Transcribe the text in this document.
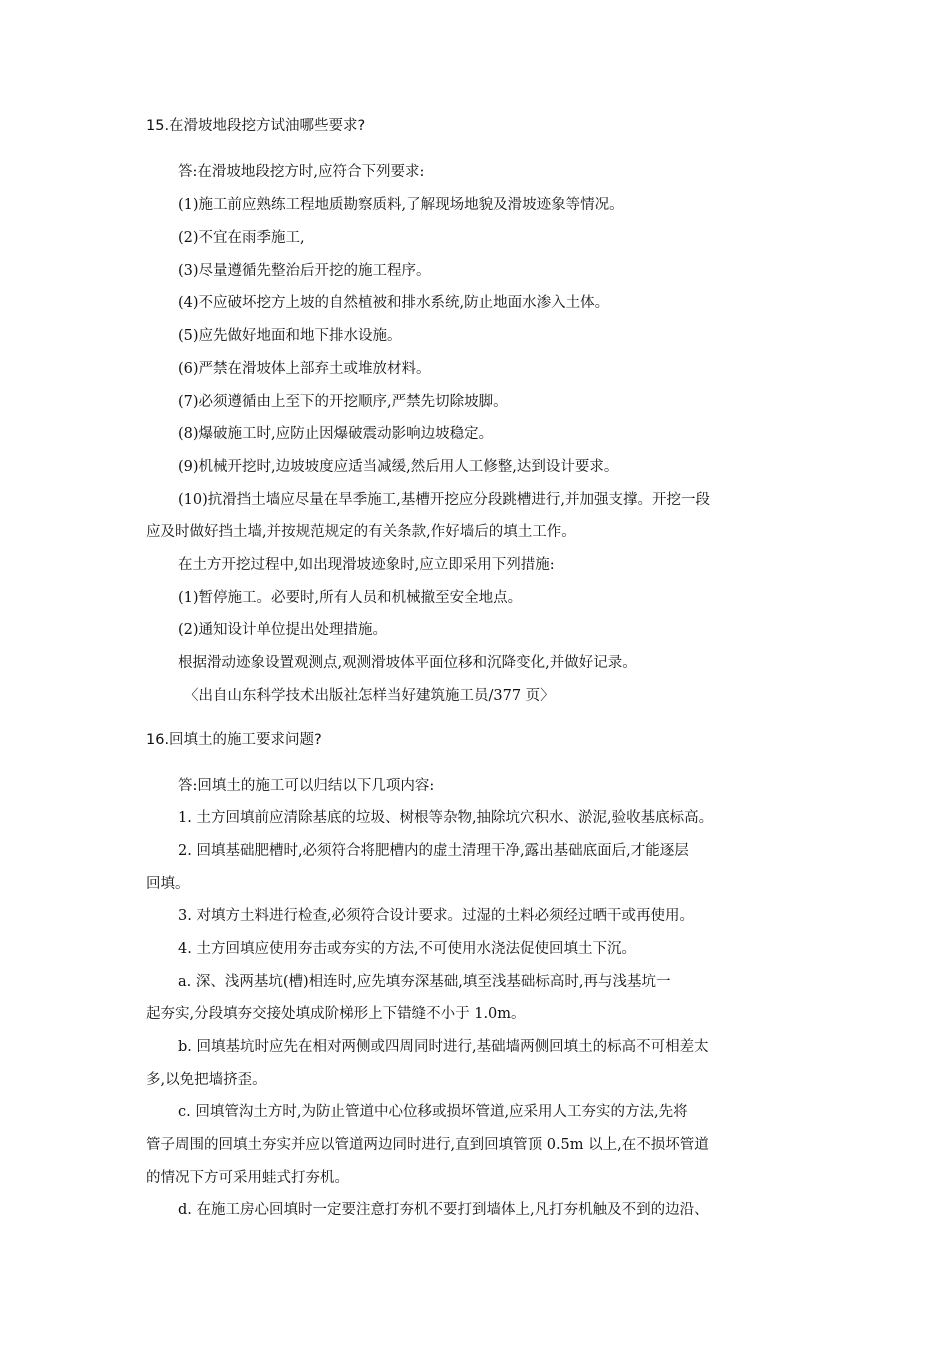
15.在滑坡地段挖方试油哪些要求?
答:在滑坡地段挖方时,应符合下列要求:
(1)施工前应熟练工程地质勘察质料,了解现场地貌及滑坡迹象等情况。
(2)不宜在雨季施工,
(3)尽量遵循先整治后开挖的施工程序。
(4)不应破坏挖方上坡的自然植被和排水系统,防止地面水渗入土体。
(5)应先做好地面和地下排水设施。
(6)严禁在滑坡体上部弃土或堆放材料。
(7)必须遵循由上至下的开挖顺序,严禁先切除坡脚。
(8)爆破施工时,应防止因爆破震动影响边坡稳定。
(9)机械开挖时,边坡坡度应适当减缓,然后用人工修整,达到设计要求。
(10)抗滑挡土墙应尽量在旱季施工,基槽开挖应分段跳槽进行,并加强支撑。开挖一段
应及时做好挡土墙,并按规范规定的有关条款,作好墙后的填土工作。
在土方开挖过程中,如出现滑坡迹象时,应立即采用下列措施:
(1)暂停施工。必要时,所有人员和机械撤至安全地点。
(2)通知设计单位提出处理措施。
根据滑动迹象设置观测点,观测滑坡体平面位移和沉降变化,并做好记录。
〈出自山东科学技术出版社怎样当好建筑施工员/377 页〉
16.回填土的施工要求问题?
答:回填土的施工可以归结以下几项内容:
1. 土方回填前应清除基底的垃圾、树根等杂物,抽除坑穴积水、淤泥,验收基底标高。
2. 回填基础肥槽时,必须符合将肥槽内的虚土清理干净,露出基础底面后,才能逐层
回填。
3. 对填方土料进行检查,必须符合设计要求。过湿的土料必须经过晒干或再使用。
4. 土方回填应使用夯击或夯实的方法,不可使用水浇法促使回填土下沉。
a. 深、浅两基坑(槽)相连时,应先填夯深基础,填至浅基础标高时,再与浅基坑一
起夯实,分段填夯交接处填成阶梯形上下错缝不小于 1.0m。
b. 回填基坑时应先在相对两侧或四周同时进行,基础墙两侧回填土的标高不可相差太
多,以免把墙挤歪。
c. 回填管沟土方时,为防止管道中心位移或损坏管道,应采用人工夯实的方法,先将
管子周围的回填土夯实并应以管道两边同时进行,直到回填管顶 0.5m 以上,在不损坏管道
的情况下方可采用蛙式打夯机。
d. 在施工房心回填时一定要注意打夯机不要打到墙体上,凡打夯机触及不到的边沿、
